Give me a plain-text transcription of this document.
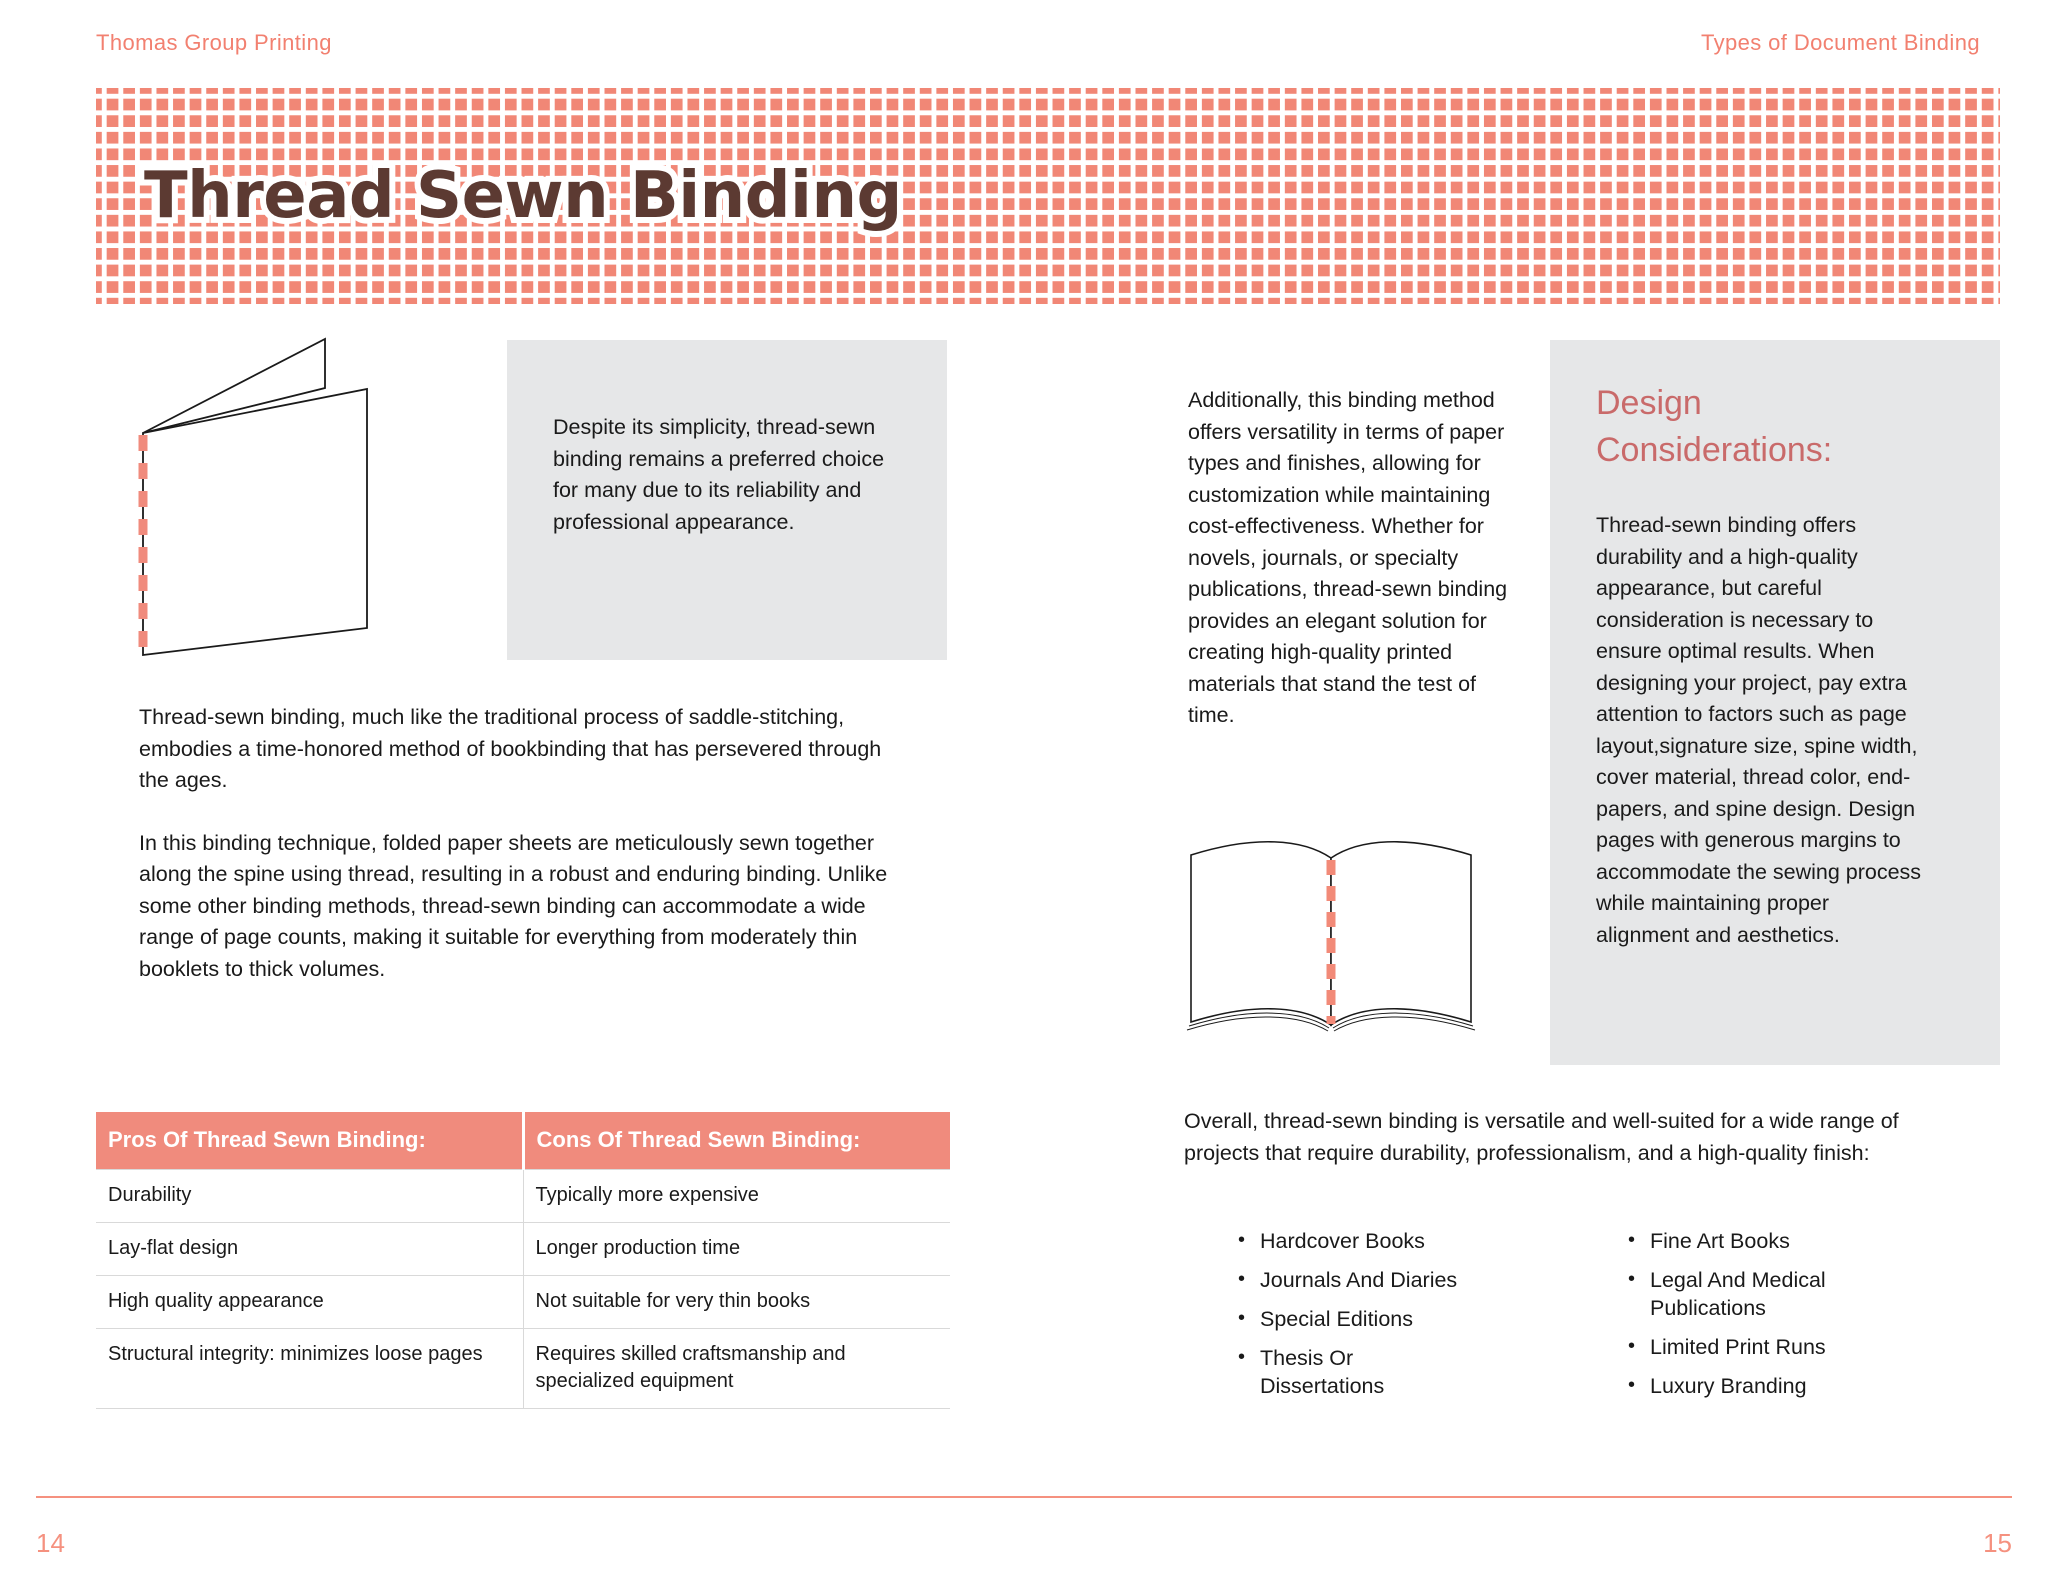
Thomas Group Printing	Types of Document Binding
Thread Sewn Binding
Despite its simplicity, thread-sewn binding remains a preferred choice for many due to its reliability and professional appearance.

Thread-sewn binding, much like the traditional process of saddle-stitching, embodies a time-honored method of bookbinding that has persevered through the ages.

In this binding technique, folded paper sheets are meticulously sewn together along the spine using thread, resulting in a robust and enduring binding. Unlike some other binding methods, thread-sewn binding can accommodate a wide range of page counts, making it suitable for everything from moderately thin booklets to thick volumes.

Pros Of Thread Sewn Binding:	Cons Of Thread Sewn Binding:
Durability	Typically more expensive
Lay-flat design	Longer production time
High quality appearance	Not suitable for very thin books
Structural integrity: minimizes loose pages	Requires skilled craftsmanship and specialized equipment

Additionally, this binding method offers versatility in terms of paper types and finishes, allowing for customization while maintaining cost-effectiveness. Whether for novels, journals, or specialty publications, thread-sewn binding provides an elegant solution for creating high-quality printed materials that stand the test of time.

Design
Considerations:
Thread-sewn binding offers durability and a high-quality appearance, but careful consideration is necessary to ensure optimal results. When designing your project, pay extra attention to factors such as page layout,signature size, spine width, cover material, thread color, end-papers, and spine design. Design pages with generous margins to accommodate the sewing process while maintaining proper alignment and aesthetics.

Overall, thread-sewn binding is versatile and well-suited for a wide range of projects that require durability, professionalism, and a high-quality finish:

• Hardcover Books
• Journals And Diaries
• Special Editions
• Thesis Or Dissertations
• Fine Art Books
• Legal And Medical Publications
• Limited Print Runs
• Luxury Branding
14	15
